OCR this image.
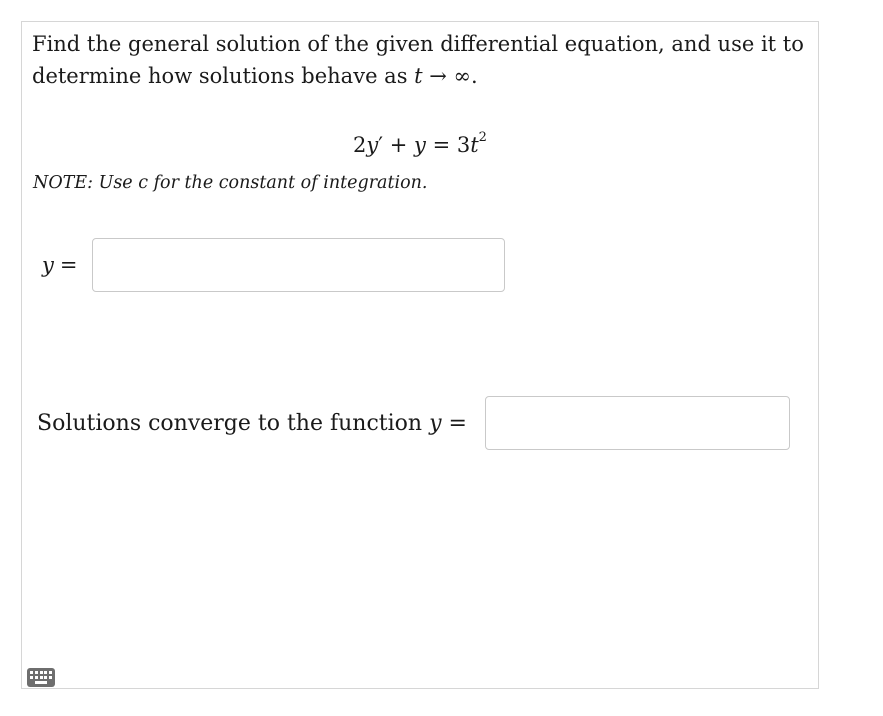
Find the general solution of the given differential equation, and use it to determine how solutions behave as t → ∞.

$2y' + y = 3t^2$
NOTE: Use c for the constant of integration.
y =
Solutions converge to the function y =
